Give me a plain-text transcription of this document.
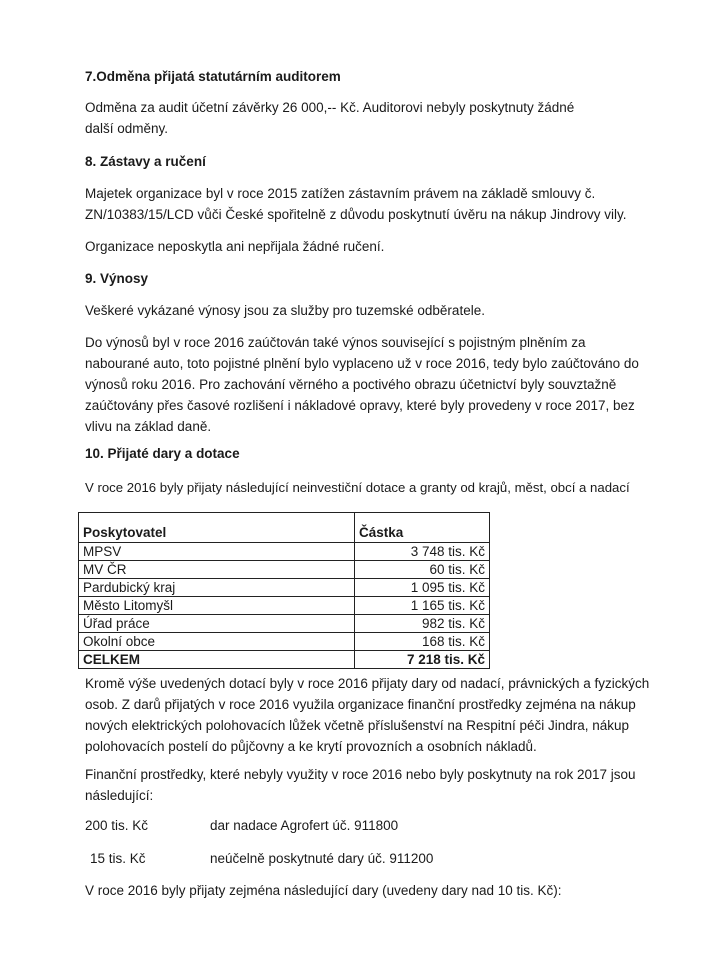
7.Odměna přijatá statutárním auditorem

Odměna za audit účetní závěrky 26 000,-- Kč. Auditorovi nebyly poskytnuty žádné další odměny.

8. Zástavy a ručení

Majetek organizace byl v roce 2015 zatížen zástavním právem na základě smlouvy č. ZN/10383/15/LCD vůči České spořitelně z důvodu poskytnutí úvěru na nákup Jindrovy vily.

Organizace neposkytla ani nepřijala žádné ručení.

9. Výnosy

Veškeré vykázané výnosy jsou za služby pro tuzemské odběratele.

Do výnosů byl v roce 2016 zaúčtován také výnos související s pojistným plněním za nabourané auto, toto pojistné plnění bylo vyplaceno už v roce 2016, tedy bylo zaúčtováno do výnosů roku 2016. Pro zachování věrného a poctivého obrazu účetnictví byly souvztažně zaúčtovány přes časové rozlišení i nákladové opravy, které byly provedeny v roce 2017, bez vlivu na základ daně.

10. Přijaté dary a dotace

V roce 2016 byly přijaty následující neinvestiční dotace a granty od krajů, měst, obcí a nadací

Poskytovatel	Částka
MPSV	3 748 tis. Kč
MV ČR	60 tis. Kč
Pardubický kraj	1 095 tis. Kč
Město Litomyšl	1 165 tis. Kč
Úřad práce	982 tis. Kč
Okolní obce	168 tis. Kč
CELKEM	7 218 tis. Kč

Kromě výše uvedených dotací byly v roce 2016 přijaty dary od nadací, právnických a fyzických osob. Z darů přijatých v roce 2016 využila organizace finanční prostředky zejména na nákup nových elektrických polohovacích lůžek včetně příslušenství na Respitní péči Jindra, nákup polohovacích postelí do půjčovny a ke krytí provozních a osobních nákladů.

Finanční prostředky, které nebyly využity v roce 2016 nebo byly poskytnuty na rok 2017 jsou následující:

200 tis. Kč	dar nadace Agrofert úč. 911800

15 tis. Kč	neúčelně poskytnuté dary úč. 911200

V roce 2016 byly přijaty zejména následující dary (uvedeny dary nad 10 tis. Kč):
